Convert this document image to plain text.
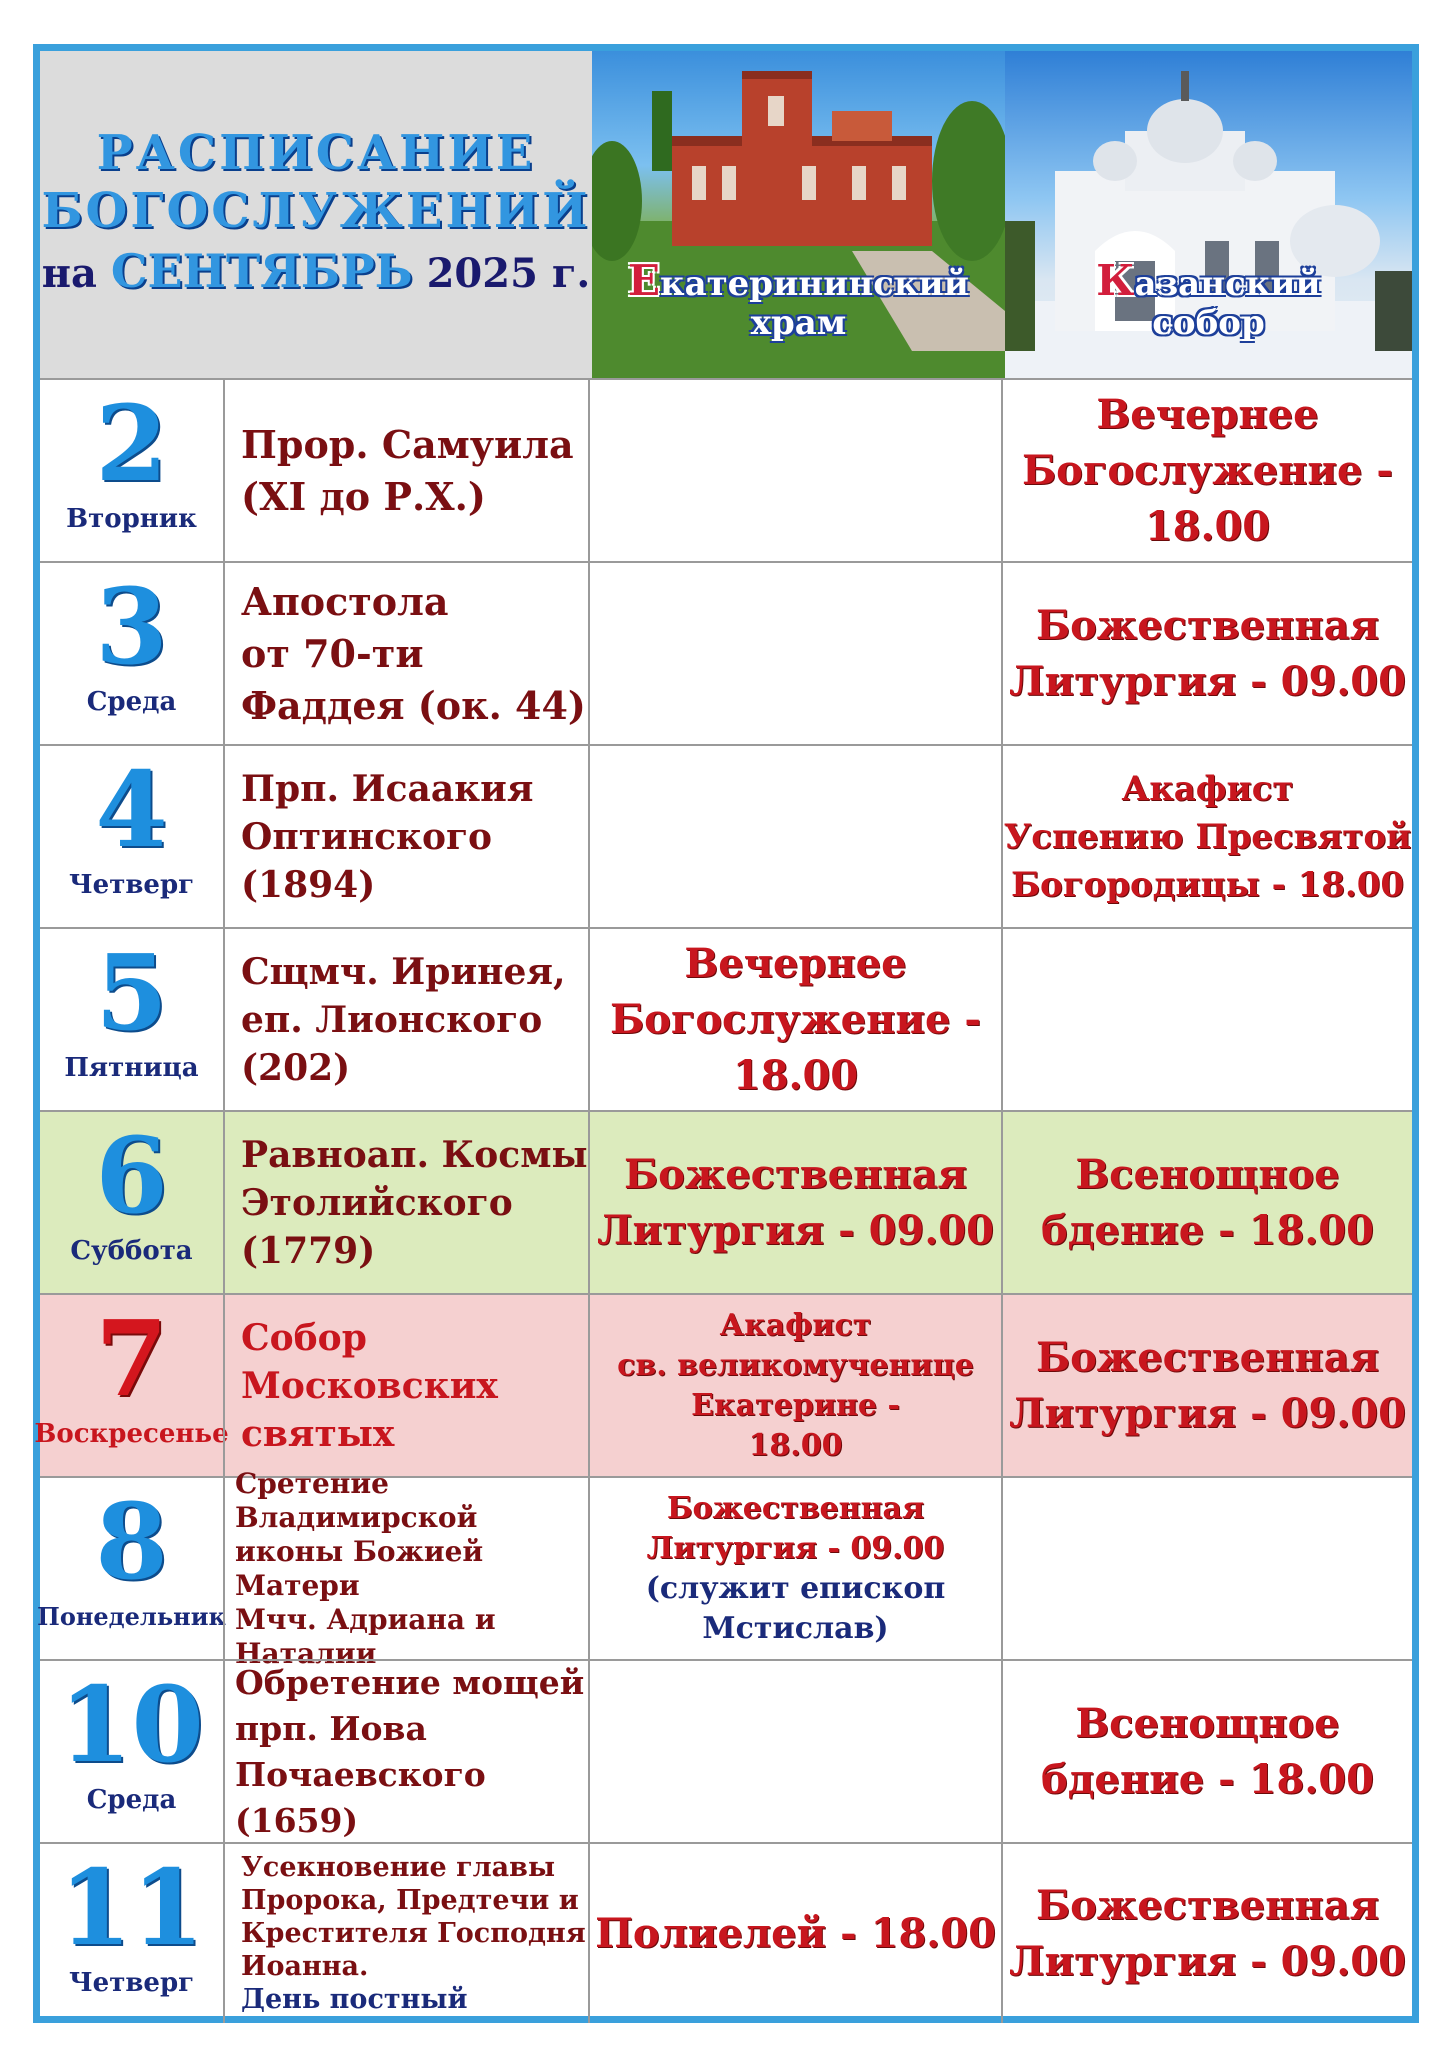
РАСПИСАНИЕ
БОГОСЛУЖЕНИЙ
на СЕНТЯБРЬ 2025 г. Екатерининский
храм
Казанский
собор
2
Вторник
Прор. Самуила
(XI до Р.Х.)
Вечернее
Богослужение -
18.00
3
Среда
Апостола
от 70-ти
Фаддея (ок. 44)
Божественная
Литургия - 09.00
4
Четверг
Прп. Исаакия
Оптинского
(1894)
Акафист
Успению Пресвятой
Богородицы - 18.00
5
Пятница
Сщмч. Иринея,
еп. Лионского
(202)
Вечернее
Богослужение -
18.00
6
Суббота
Равноап. Космы
Этолийского
(1779)
Божественная
Литургия - 09.00
Всенощное
бдение - 18.00
7
Воскресенье
Собор Московских
святых
Акафист
св. великомученице
Екатерине -
18.00
Божественная
Литургия - 09.00
8
Понедельник
Сретение Владимирской
иконы Божией Матери
Мчч. Адриана и
Наталии
Божественная
Литургия - 09.00
(служит епископ
Мстислав)
10
Среда
Обретение мощей
прп. Иова
Почаевского (1659)
Всенощное
бдение - 18.00
11
Четверг
Усекновение главы
Пророка, Предтечи и
Крестителя Господня
Иоанна.
День постный
Полиелей - 18.00
Божественная
Литургия - 09.00
